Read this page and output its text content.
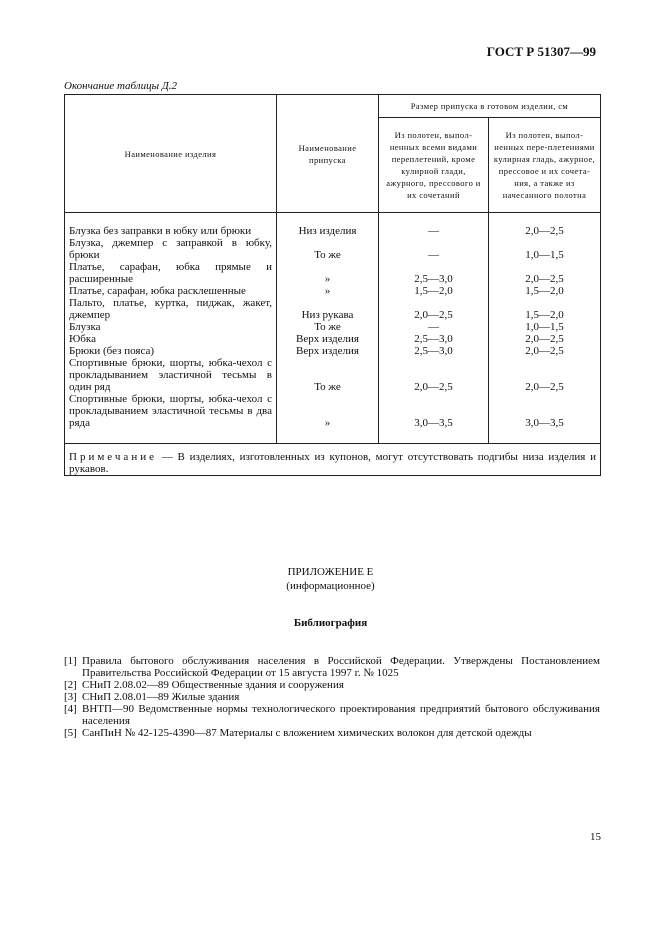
ГОСТ Р 51307—99
Окончание таблицы Д.2
Наименование изделия	Наименование припуска	Размер припуска в готовом изделии, см	
		Из полотен, выпол-ненных всеми видами переплетений, кроме кулирной глади, ажурного, прессового и их сочетаний	Из полотен, выпол-ненных пере-плетениями кулирная гладь, ажурное, прессовое и их сочета-ния, а также из начесанного полотна

Блузка без заправки в юбку или брюки	Низ изделия	—	2,0—2,5
Блузка, джемпер с заправкой в юбку, брюки	То же	—	1,0—1,5
Платье, сарафан, юбка прямые и расширенные	»	2,5—3,0	2,0—2,5
Платье, сарафан, юбка расклешенные	»	1,5—2,0	1,5—2,0
Пальто, платье, куртка, пиджак, жакет, джемпер	Низ рукава	2,0—2,5	1,5—2,0
Блузка	То же	—	1,0—1,5
Юбка	Верх изделия	2,5—3,0	2,0—2,5
Брюки (без пояса)	Верх изделия	2,5—3,0	2,0—2,5
Спортивные брюки, шорты, юбка-чехол с прокладыванием эластичной тесьмы в один ряд	То же	2,0—2,5	2,0—2,5
Спортивные брюки, шорты, юбка-чехол с прокладыванием эластичной тесьмы в два ряда	»	3,0—3,5	3,0—3,5

Примечание — В изделиях, изготовленных из купонов, могут отсутствовать подгибы низа изделия и рукавов.			
ПРИЛОЖЕНИЕ Е
(информационное)
Библиография
[1] Правила бытового обслуживания населения в Российской Федерации. Утверждены Постановлением Правительства Российской Федерации от 15 августа 1997 г. № 1025
[2] СНиП 2.08.02—89 Общественные здания и сооружения
[3] СНиП 2.08.01—89 Жилые здания
[4] ВНТП—90 Ведомственные нормы технологического проектирования предприятий бытового обслуживания населения
[5] СанПиН № 42-125-4390—87 Материалы с вложением химических волокон для детской одежды
15
